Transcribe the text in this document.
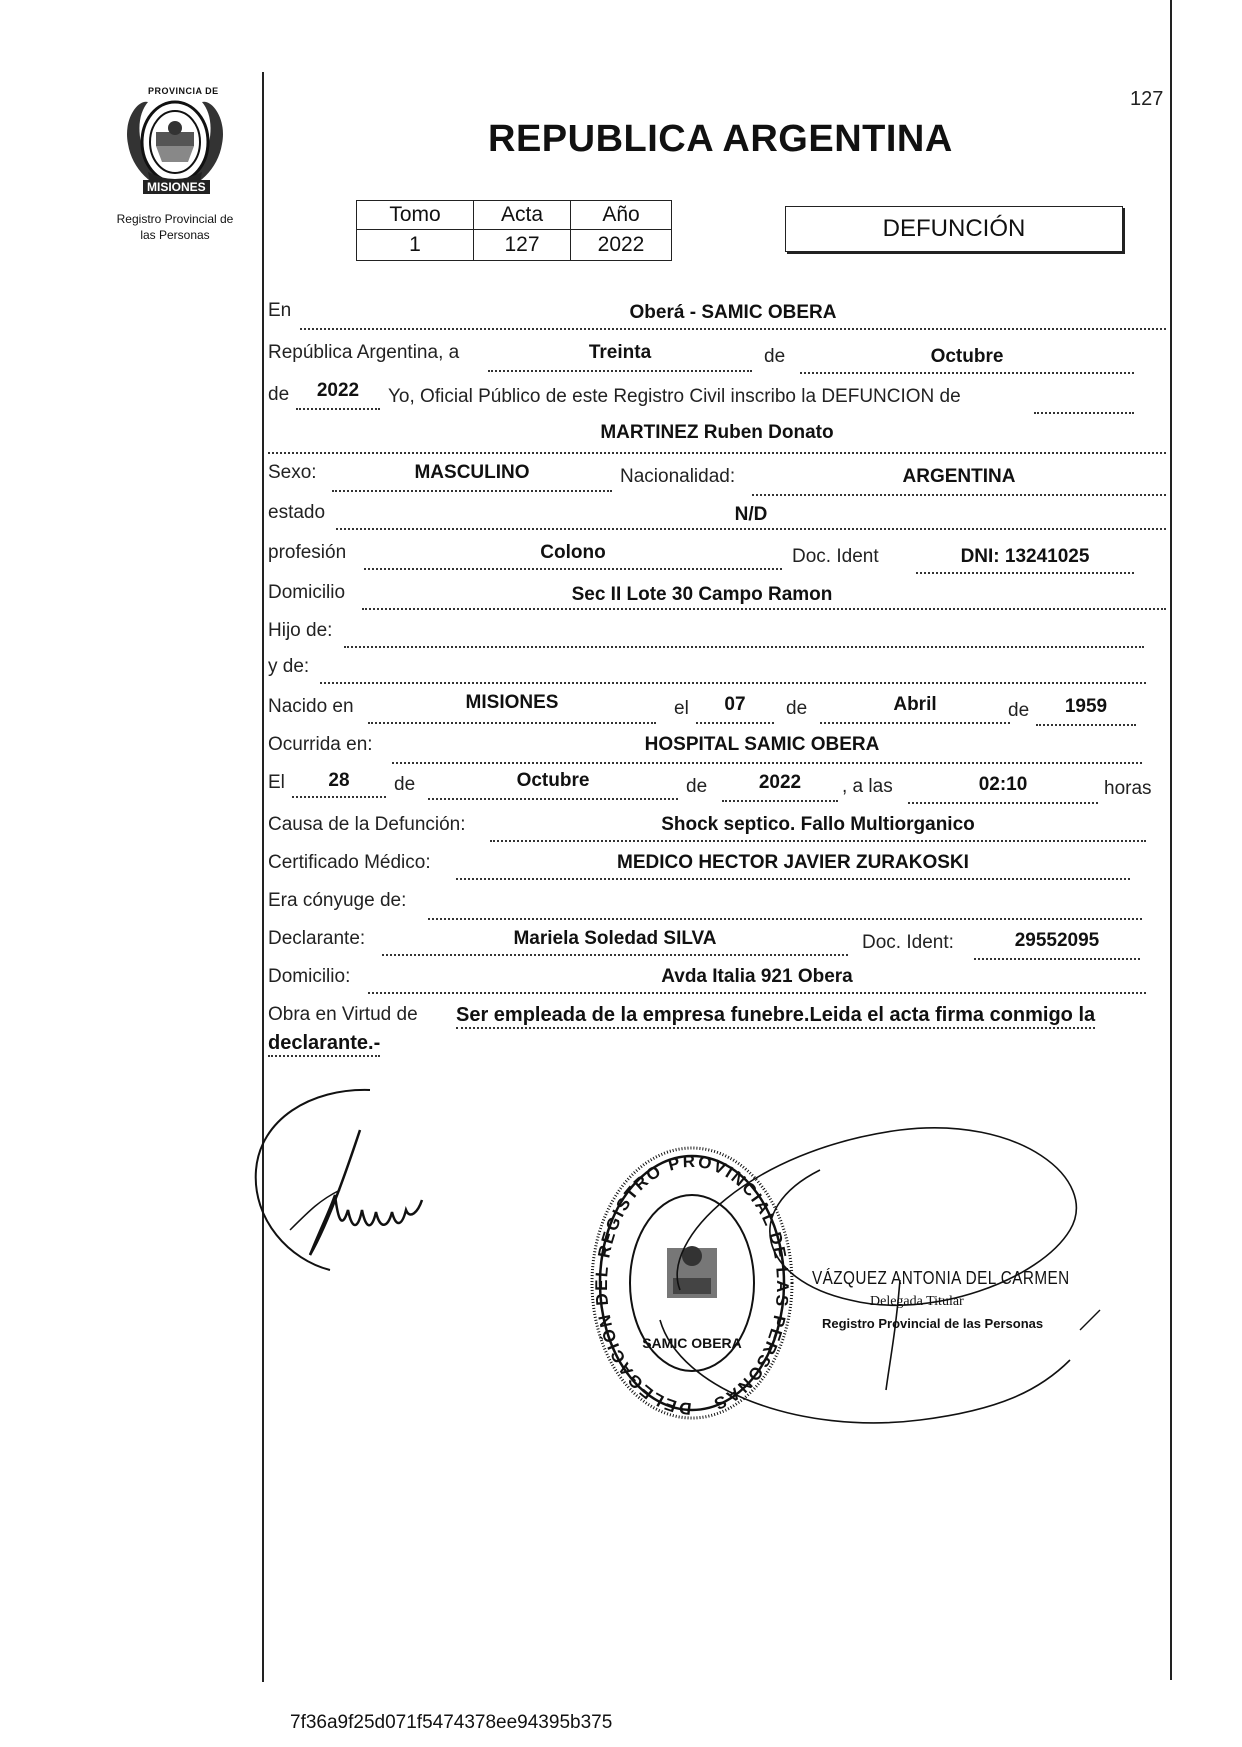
127
PROVINCIA DE
MISIONES
Registro Provincial de
las Personas
REPUBLICA ARGENTINA
Tomo	Acta	Año
1	127	2022
DEFUNCIÓN
En	Oberá - SAMIC OBERA
República Argentina, a	Treinta	de	Octubre
de	2022	Yo, Oficial Público de este Registro Civil inscribo la DEFUNCION de
MARTINEZ Ruben Donato
Sexo:	MASCULINO	Nacionalidad:	ARGENTINA
estado	N/D
profesión	Colono	Doc. Ident	DNI: 13241025
Domicilio	Sec II Lote 30 Campo Ramon
Hijo de:
y de:
Nacido en	MISIONES	el	07	de	Abril	de	1959
Ocurrida en:	HOSPITAL SAMIC OBERA
El	28	de	Octubre	de	2022	, a las	02:10	horas
Causa de la Defunción:	Shock septico. Fallo Multiorganico
Certificado Médico:	MEDICO HECTOR JAVIER ZURAKOSKI
Era cónyuge de:
Declarante:	Mariela Soledad SILVA	Doc. Ident:	29552095
Domicilio:	Avda Italia 921 Obera
Obra en Virtud de Ser empleada de la empresa funebre.Leida el acta firma conmigo la
declarante.-
DELEGACIÓN DEL REGISTRO PROVINCIAL DE LAS PERSONAS
SAMIC OBERA
VÁZQUEZ ANTONIA DEL CARMEN
Delegada Titular
Registro Provincial de las Personas
7f36a9f25d071f5474378ee94395b375
